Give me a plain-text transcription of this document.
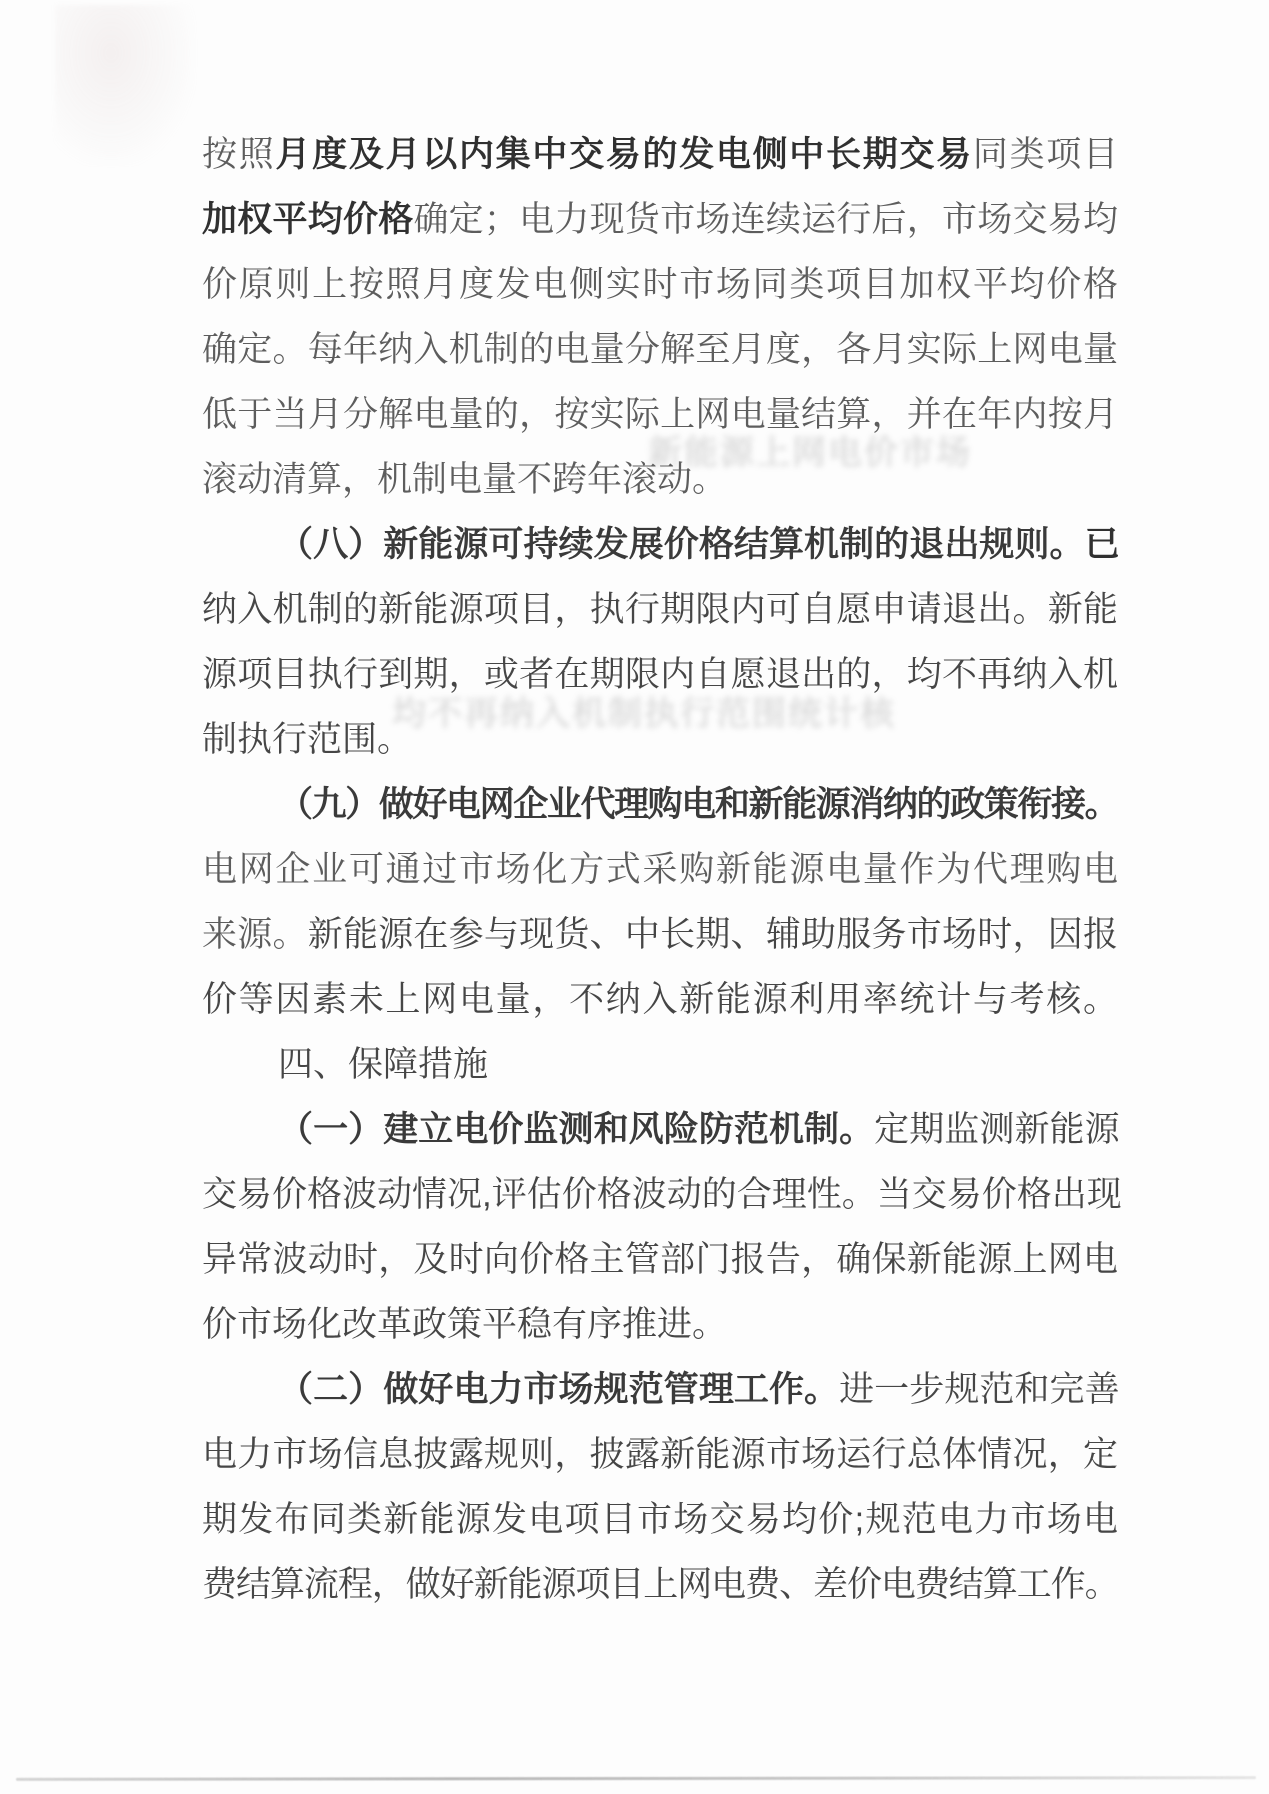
按照月度及月以内集中交易的发电侧中长期交易同类项目
加权平均价格确定；电力现货市场连续运行后，市场交易均
价原则上按照月度发电侧实时市场同类项目加权平均价格
确定。每年纳入机制的电量分解至月度，各月实际上网电量
低于当月分解电量的，按实际上网电量结算，并在年内按月
滚动清算，机制电量不跨年滚动。
（八）新能源可持续发展价格结算机制的退出规则。已
纳入机制的新能源项目，执行期限内可自愿申请退出。新能
源项目执行到期，或者在期限内自愿退出的，均不再纳入机
制执行范围。
（九）做好电网企业代理购电和新能源消纳的政策衔接。
电网企业可通过市场化方式采购新能源电量作为代理购电
来源。新能源在参与现货、中长期、辅助服务市场时，因报
价等因素未上网电量，不纳入新能源利用率统计与考核。
四、保障措施
（一）建立电价监测和风险防范机制。定期监测新能源
交易价格波动情况,评估价格波动的合理性。当交易价格出现
异常波动时，及时向价格主管部门报告，确保新能源上网电
价市场化改革政策平稳有序推进。
（二）做好电力市场规范管理工作。进一步规范和完善
电力市场信息披露规则，披露新能源市场运行总体情况，定
期发布同类新能源发电项目市场交易均价;规范电力市场电
费结算流程，做好新能源项目上网电费、差价电费结算工作。
新能源上网电价市场
均不再纳入机制执行范围统计核
